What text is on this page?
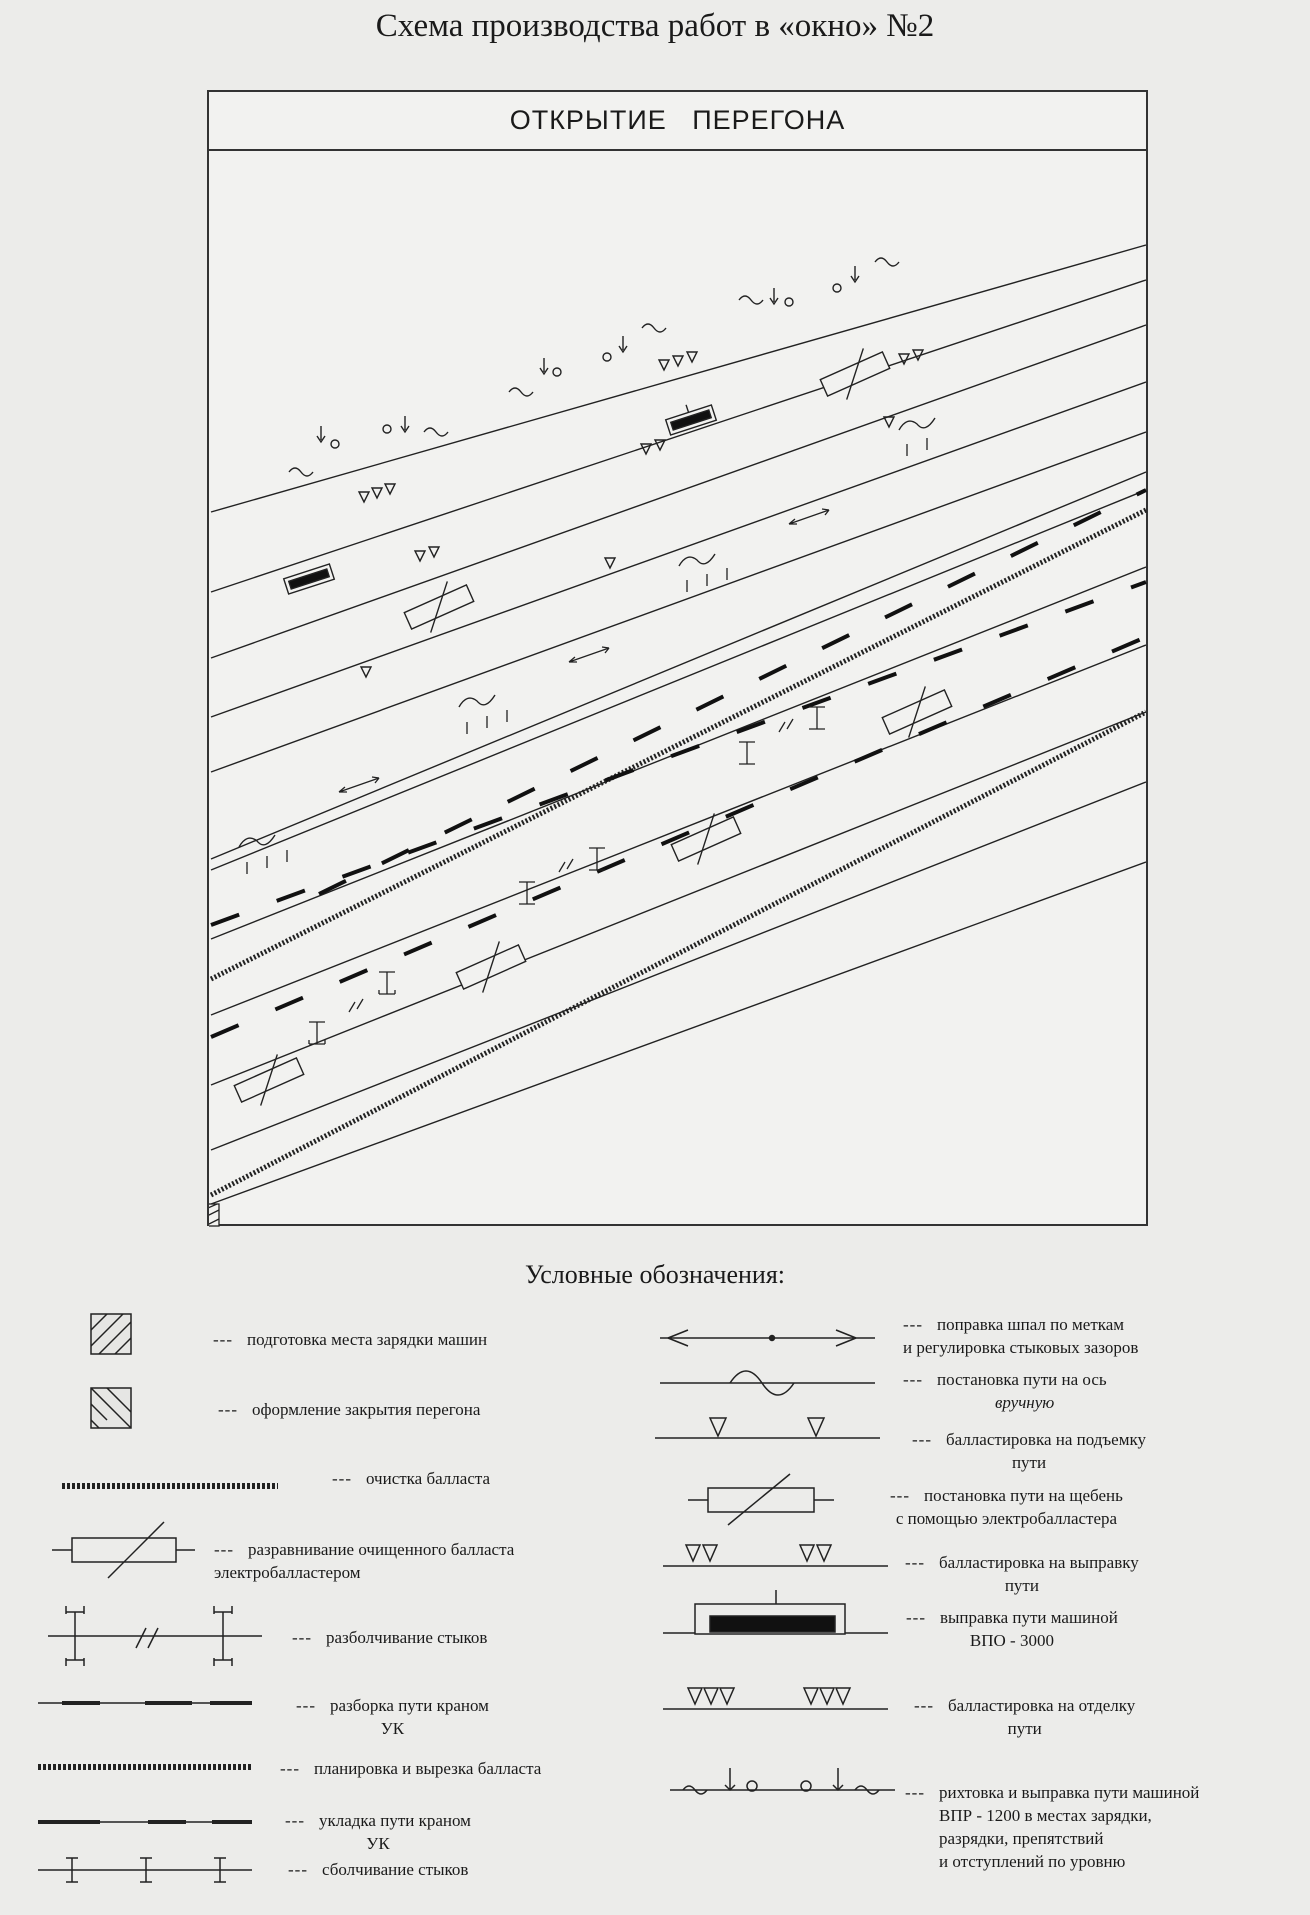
Схема производства работ в «окно» №2
ОТКРЫТИЕ   ПЕРЕГОНА
Условные обозначения:
--- подготовка места зарядки машин
--- оформление закрытия перегона
--- очистка балласта
--- разравнивание очищенного балласта
электробалластером
--- разболчивание стыков
--- разборка пути краном
УК
--- планировка и вырезка балласта
--- укладка пути краном
УК
--- сболчивание стыков
--- поправка шпал по меткам
и регулировка стыковых зазоров
--- постановка пути на ось
вручную
--- балластировка на подъемку
пути
--- постановка пути на щебень
с помощью электробалластера
--- балластировка на выправку
пути
--- выправка пути машиной
ВПО - 3000
--- балластировка на отделку
пути
--- рихтовка и выправка пути машиной
ВПР - 1200 в местах зарядки,
разрядки, препятствий
и отступлений по уровню
